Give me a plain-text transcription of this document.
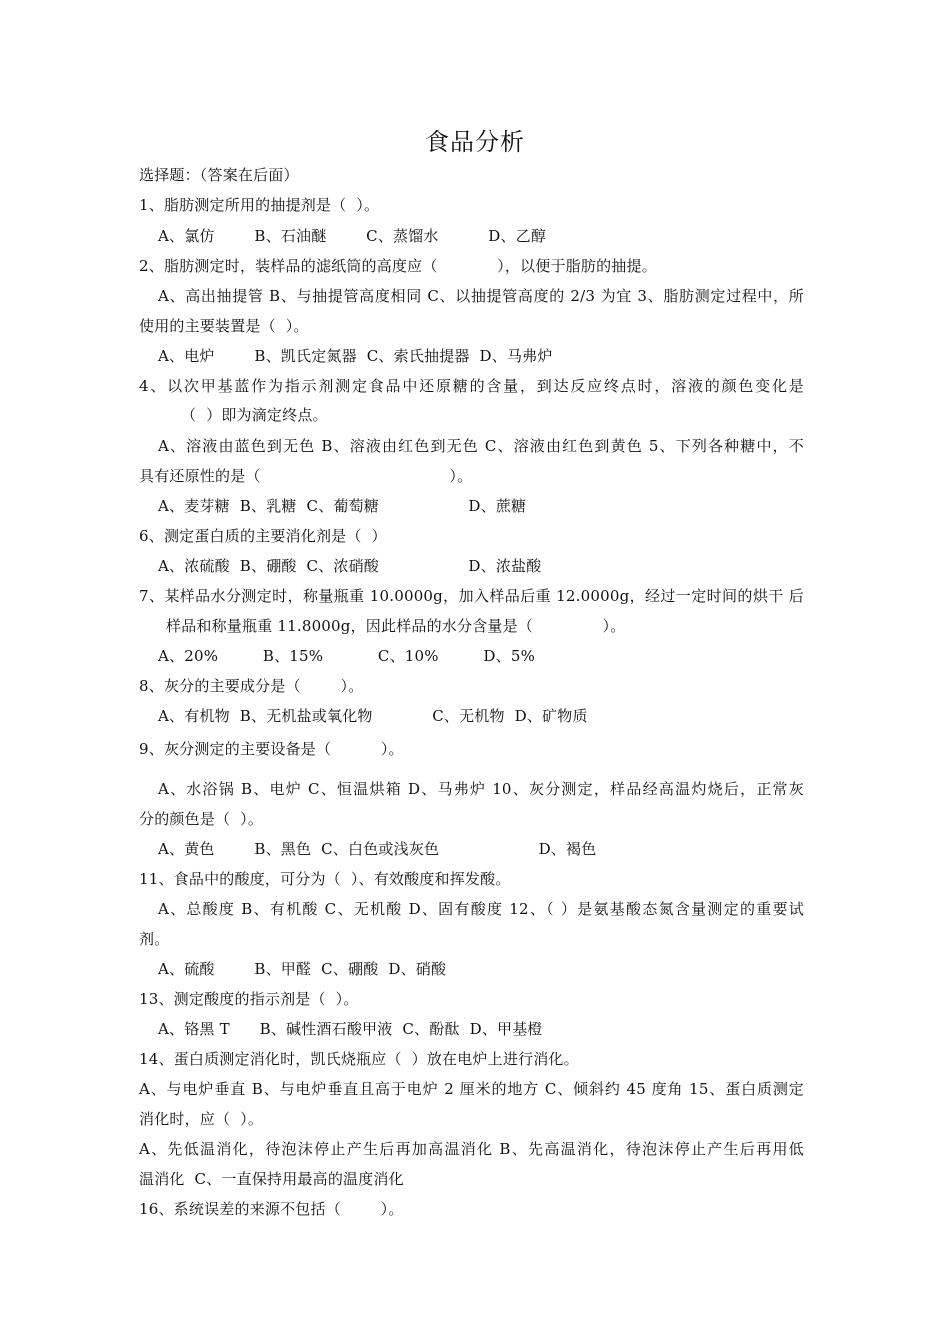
食品分析
选择题：（答案在后面）
1、脂肪测定所用的抽提剂是（  ）。
A、氯仿        B、石油醚        C、蒸馏水          D、乙醇
2、脂肪测定时，装样品的滤纸筒的高度应（            ），以便于脂肪的抽提。
A、高出抽提管 B、与抽提管高度相同 C、以抽提管高度的 2/3 为宜 3、脂肪测定过程中，所
使用的主要装置是（  ）。
A、电炉        B、凯氏定氮器  C、索氏抽提器  D、马弗炉
4、以次甲基蓝作为指示剂测定食品中还原糖的含量，到达反应终点时，溶液的颜色变化是
（  ）即为滴定终点。
A、溶液由蓝色到无色 B、溶液由红色到无色 C、溶液由红色到黄色 5、下列各种糖中，不
具有还原性的是（                                      ）。
A、麦芽糖  B、乳糖  C、葡萄糖                  D、蔗糖
6、测定蛋白质的主要消化剂是（  ）
A、浓硫酸  B、硼酸  C、浓硝酸                  D、浓盐酸
7、某样品水分测定时，称量瓶重 10.0000g，加入样品后重 12.0000g，经过一定时间的烘干 后
样品和称量瓶重 11.8000g，因此样品的水分含量是（              ）。
A、20%         B、15%           C、10%         D、5%
8、灰分的主要成分是（        ）。
A、有机物  B、无机盐或氧化物            C、无机物  D、矿物质
9、灰分测定的主要设备是（          ）。
A、水浴锅 B、电炉 C、恒温烘箱 D、马弗炉 10、灰分测定，样品经高温灼烧后，正常灰
分的颜色是（  ）。
A、黄色        B、黑色  C、白色或浅灰色                    D、褐色
11、食品中的酸度，可分为（  ）、有效酸度和挥发酸。
A、总酸度 B、有机酸 C、无机酸 D、固有酸度 12、（ ）是氨基酸态氮含量测定的重要试
剂。
A、硫酸        B、甲醛  C、硼酸  D、硝酸
13、测定酸度的指示剂是（  ）。
A、铬黑 T      B、碱性酒石酸甲液  C、酚酞  D、甲基橙
14、蛋白质测定消化时，凯氏烧瓶应（  ）放在电炉上进行消化。
A、与电炉垂直 B、与电炉垂直且高于电炉 2 厘米的地方 C、倾斜约 45 度角 15、蛋白质测定
消化时，应（  ）。
A、先低温消化，待泡沫停止产生后再加高温消化 B、先高温消化，待泡沫停止产生后再用低
温消化  C、一直保持用最高的温度消化
16、系统误差的来源不包括（        ）。
